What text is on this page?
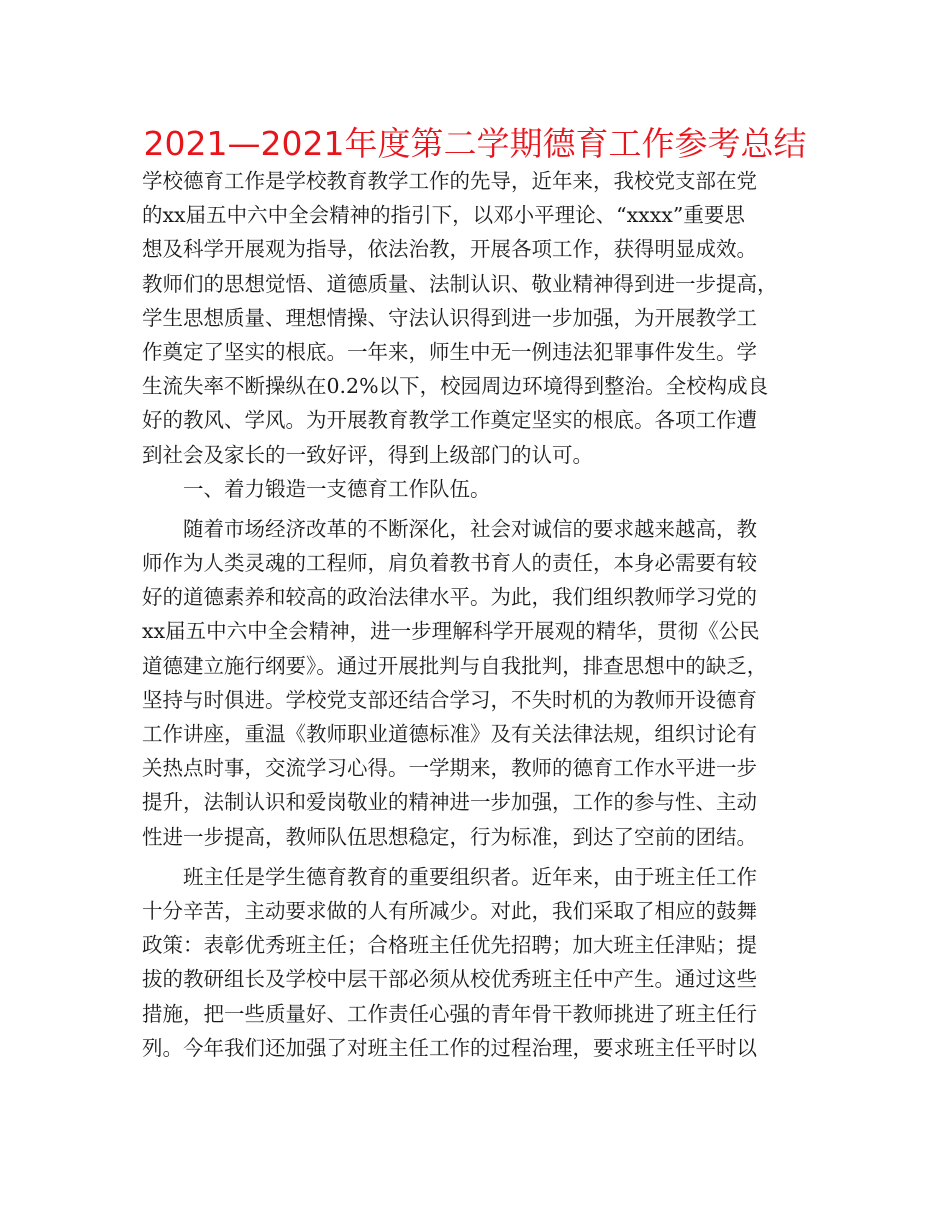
2021—2021年度第二学期德育工作参考总结
学校德育工作是学校教育教学工作的先导，近年来，我校党支部在党
的xx届五中六中全会精神的指引下，以邓小平理论、“xxxx”重要思
想及科学开展观为指导，依法治教，开展各项工作，获得明显成效。
教师们的思想觉悟、道德质量、法制认识、敬业精神得到进一步提高，
学生思想质量、理想情操、守法认识得到进一步加强，为开展教学工
作奠定了坚实的根底。一年来，师生中无一例违法犯罪事件发生。学
生流失率不断操纵在0.2%以下，校园周边环境得到整治。全校构成良
好的教风、学风。为开展教育教学工作奠定坚实的根底。各项工作遭
到社会及家长的一致好评，得到上级部门的认可。
一、着力锻造一支德育工作队伍。
随着市场经济改革的不断深化，社会对诚信的要求越来越高，教
师作为人类灵魂的工程师，肩负着教书育人的责任，本身必需要有较
好的道德素养和较高的政治法律水平。为此，我们组织教师学习党的
xx届五中六中全会精神，进一步理解科学开展观的精华，贯彻《公民
道德建立施行纲要》。通过开展批判与自我批判，排查思想中的缺乏，
坚持与时俱进。学校党支部还结合学习，不失时机的为教师开设德育
工作讲座，重温《教师职业道德标准》及有关法律法规，组织讨论有
关热点时事，交流学习心得。一学期来，教师的德育工作水平进一步
提升，法制认识和爱岗敬业的精神进一步加强，工作的参与性、主动
性进一步提高，教师队伍思想稳定，行为标准，到达了空前的团结。
班主任是学生德育教育的重要组织者。近年来，由于班主任工作
十分辛苦，主动要求做的人有所减少。对此，我们采取了相应的鼓舞
政策：表彰优秀班主任；合格班主任优先招聘；加大班主任津贴；提
拔的教研组长及学校中层干部必须从校优秀班主任中产生。通过这些
措施，把一些质量好、工作责任心强的青年骨干教师挑进了班主任行
列。今年我们还加强了对班主任工作的过程治理，要求班主任平时以
